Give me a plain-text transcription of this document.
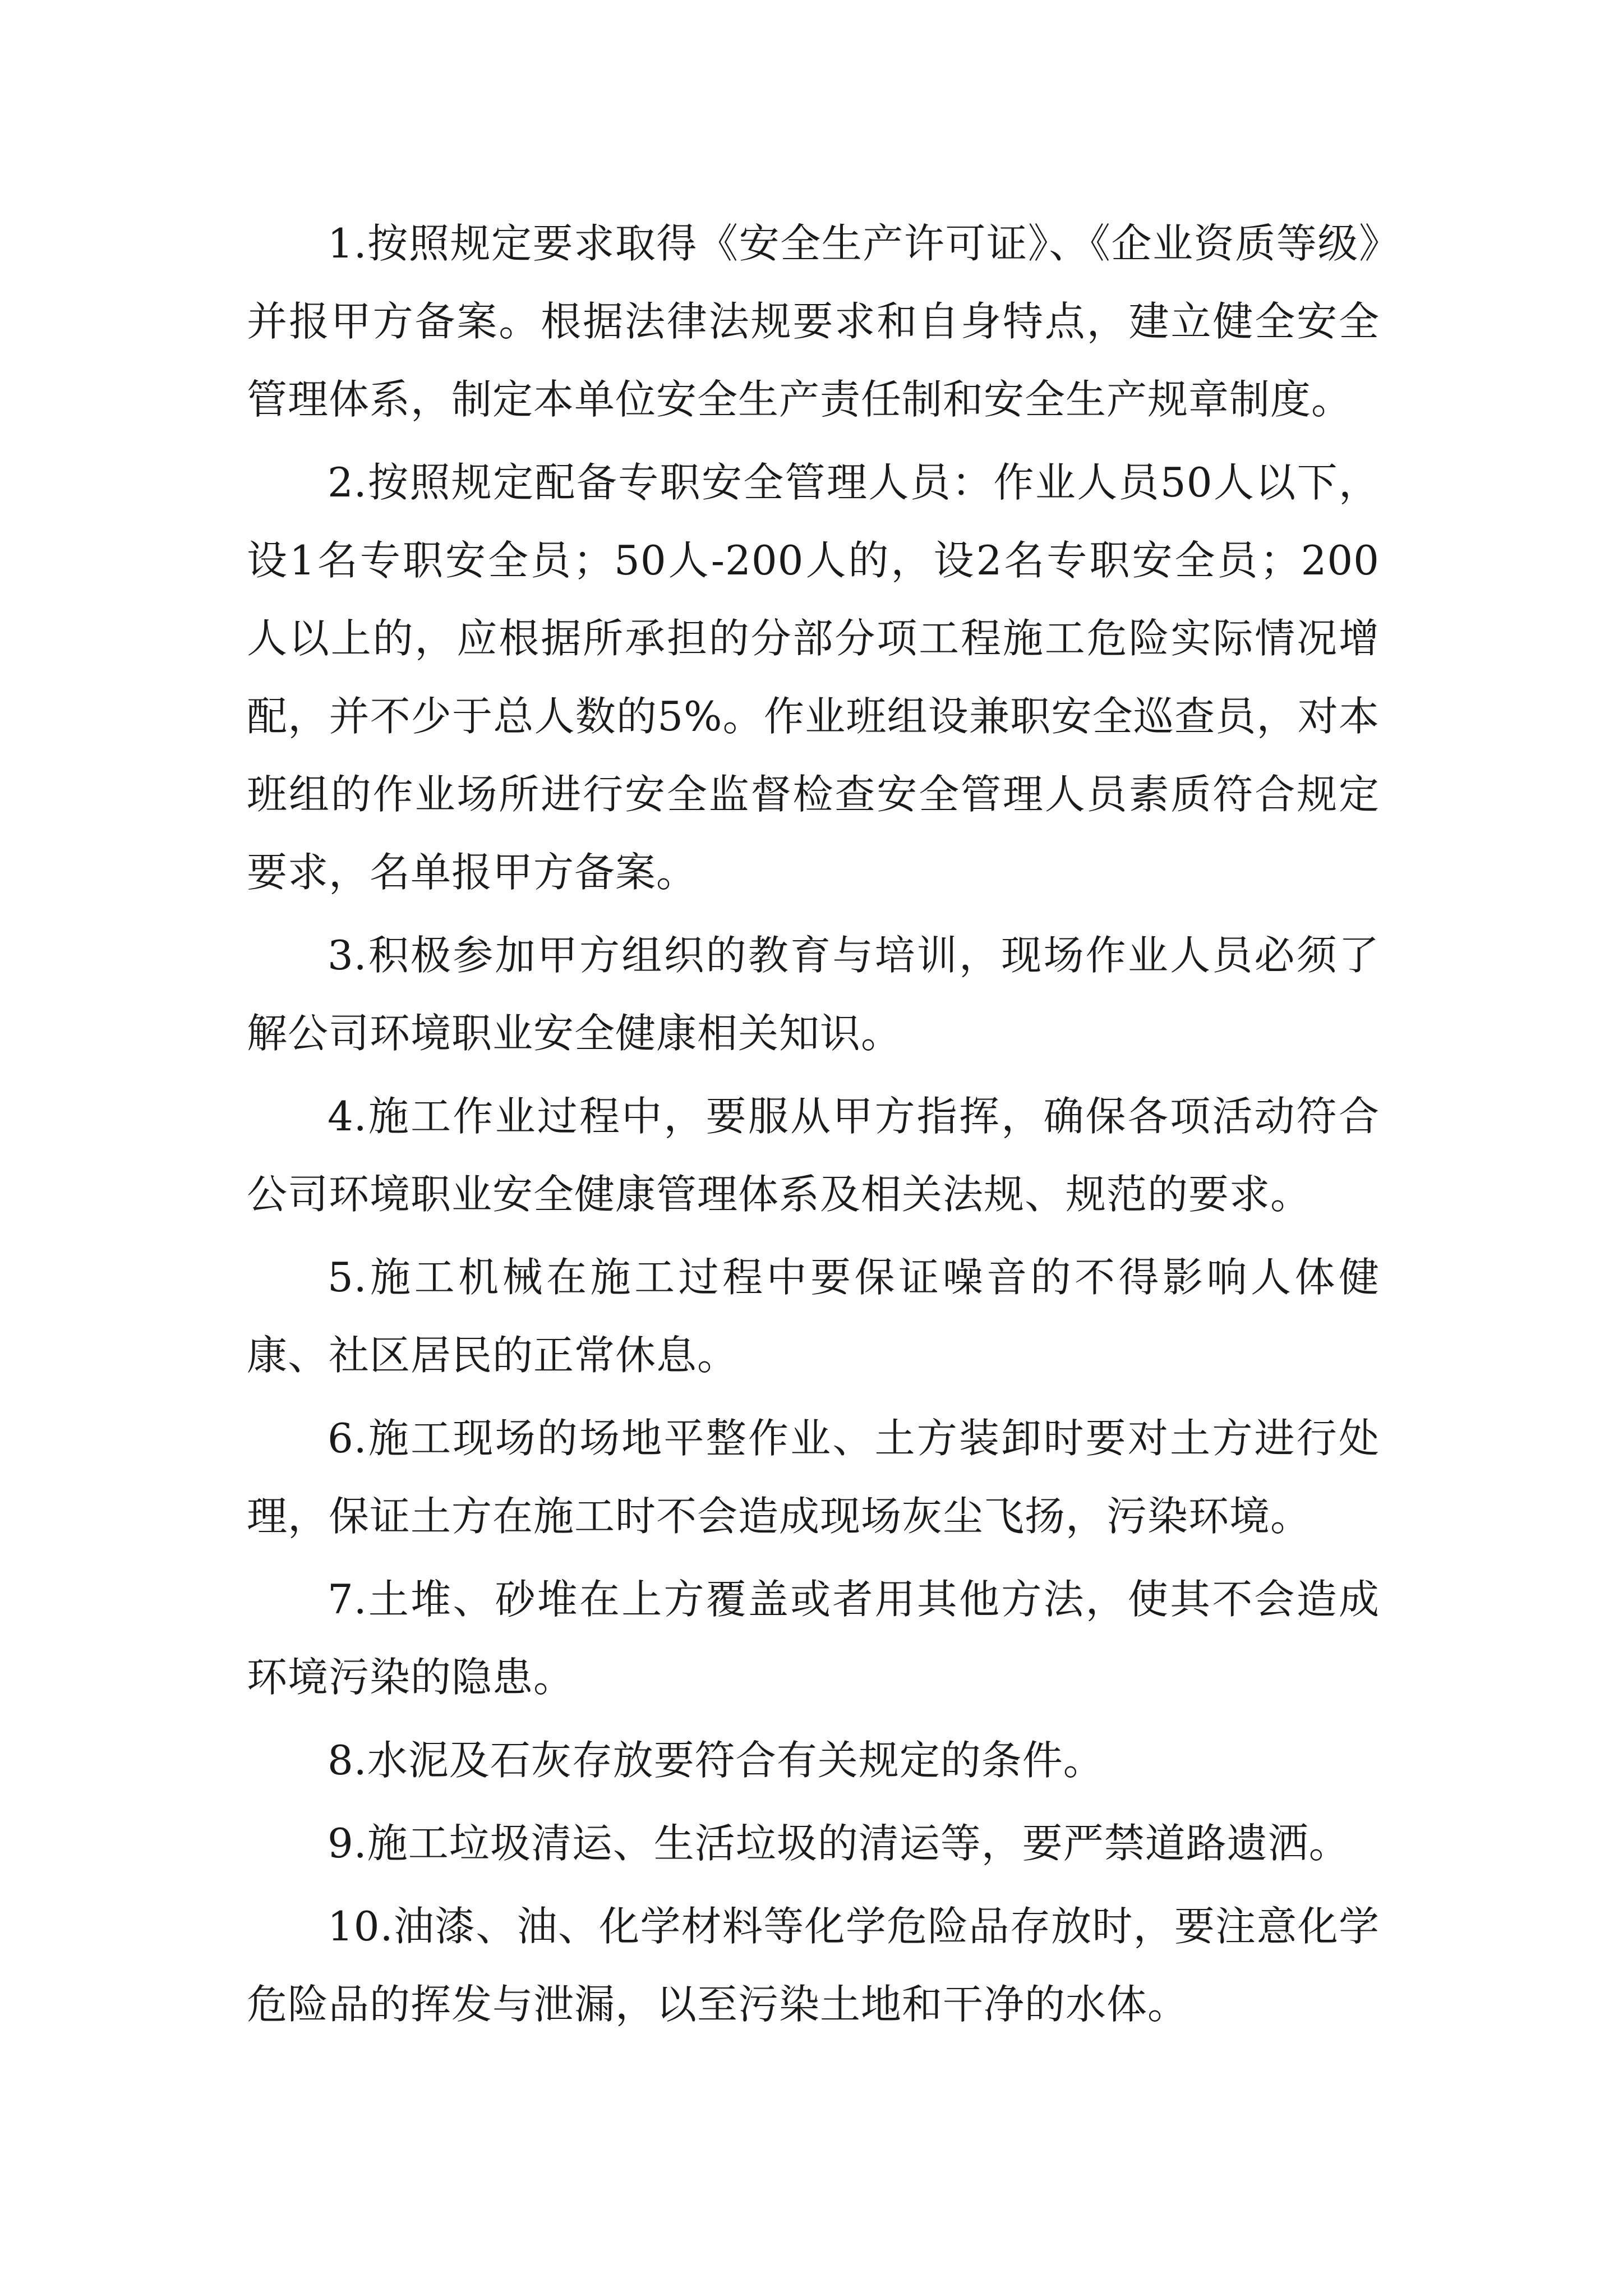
1.按照规定要求取得《安全生产许可证》、《企业资质等级》并报甲方备案。根据法律法规要求和自身特点，建立健全安全管理体系，制定本单位安全生产责任制和安全生产规章制度。

2.按照规定配备专职安全管理人员：作业人员50人以下，设1名专职安全员；50人-200人的，设2名专职安全员；200人以上的，应根据所承担的分部分项工程施工危险实际情况增配，并不少于总人数的5%。作业班组设兼职安全巡查员，对本班组的作业场所进行安全监督检查安全管理人员素质符合规定要求，名单报甲方备案。

3.积极参加甲方组织的教育与培训，现场作业人员必须了解公司环境职业安全健康相关知识。

4.施工作业过程中，要服从甲方指挥，确保各项活动符合公司环境职业安全健康管理体系及相关法规、规范的要求。

5.施工机械在施工过程中要保证噪音的不得影响人体健康、社区居民的正常休息。

6.施工现场的场地平整作业、土方装卸时要对土方进行处理，保证土方在施工时不会造成现场灰尘飞扬，污染环境。

7.土堆、砂堆在上方覆盖或者用其他方法，使其不会造成环境污染的隐患。

8.水泥及石灰存放要符合有关规定的条件。

9.施工垃圾清运、生活垃圾的清运等，要严禁道路遗洒。

10.油漆、油、化学材料等化学危险品存放时，要注意化学危险品的挥发与泄漏，以至污染土地和干净的水体。
